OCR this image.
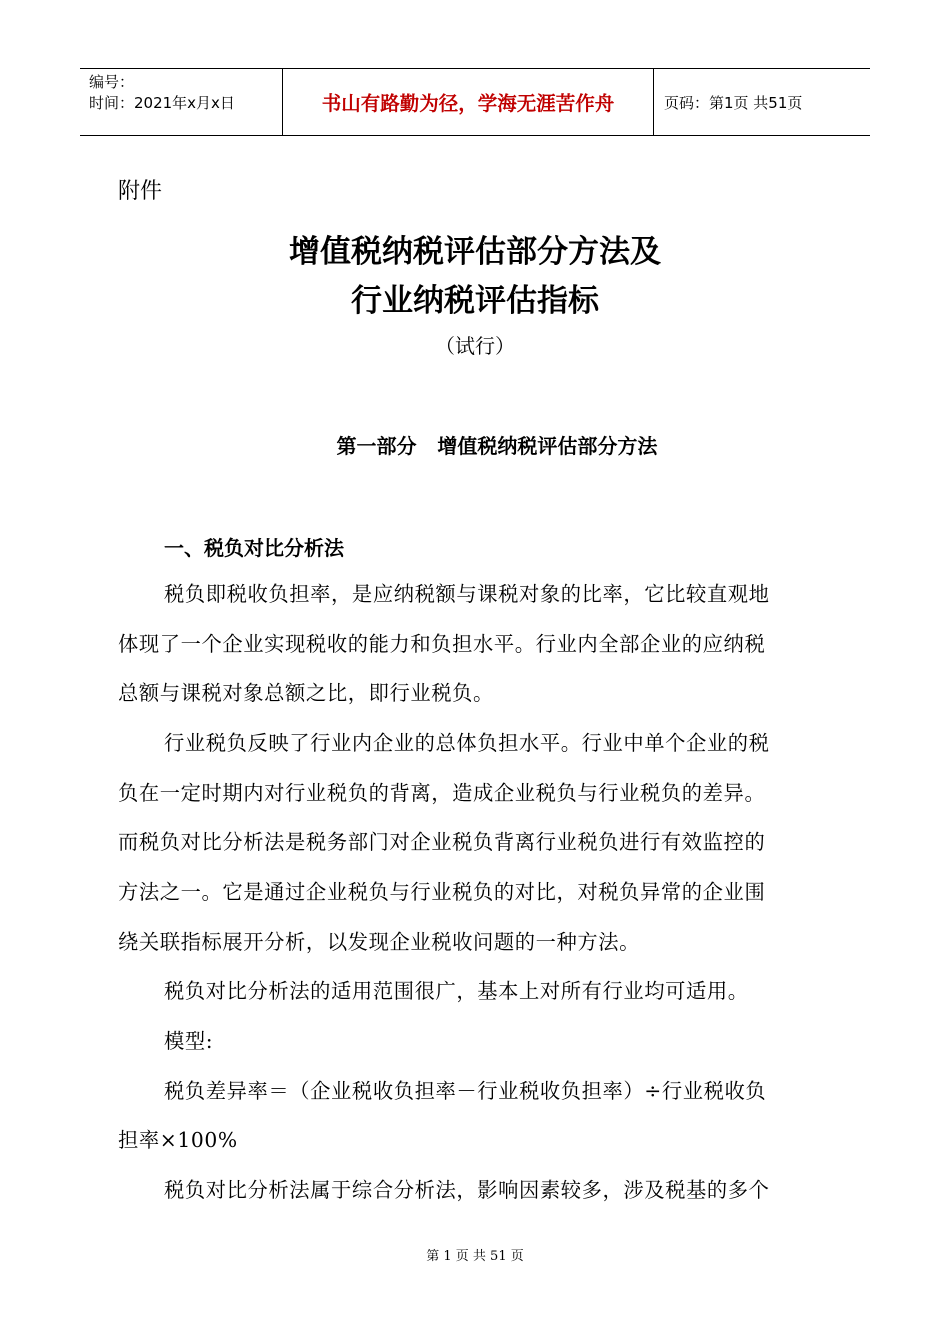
编号：
时间：2021年x月x日	书山有路勤为径，学海无涯苦作舟	页码：第1页 共51页
附件
增值税纳税评估部分方法及
行业纳税评估指标
（试行）
第一部分   增值税纳税评估部分方法
一、税负对比分析法
税负即税收负担率，是应纳税额与课税对象的比率，它比较直观地
体现了一个企业实现税收的能力和负担水平。行业内全部企业的应纳税
总额与课税对象总额之比，即行业税负。
行业税负反映了行业内企业的总体负担水平。行业中单个企业的税
负在一定时期内对行业税负的背离，造成企业税负与行业税负的差异。
而税负对比分析法是税务部门对企业税负背离行业税负进行有效监控的
方法之一。它是通过企业税负与行业税负的对比，对税负异常的企业围
绕关联指标展开分析，以发现企业税收问题的一种方法。
税负对比分析法的适用范围很广，基本上对所有行业均可适用。
模型:
税负差异率＝（企业税收负担率－行业税收负担率）÷行业税收负
担率×100%
税负对比分析法属于综合分析法，影响因素较多，涉及税基的多个
第 1 页 共 51 页
